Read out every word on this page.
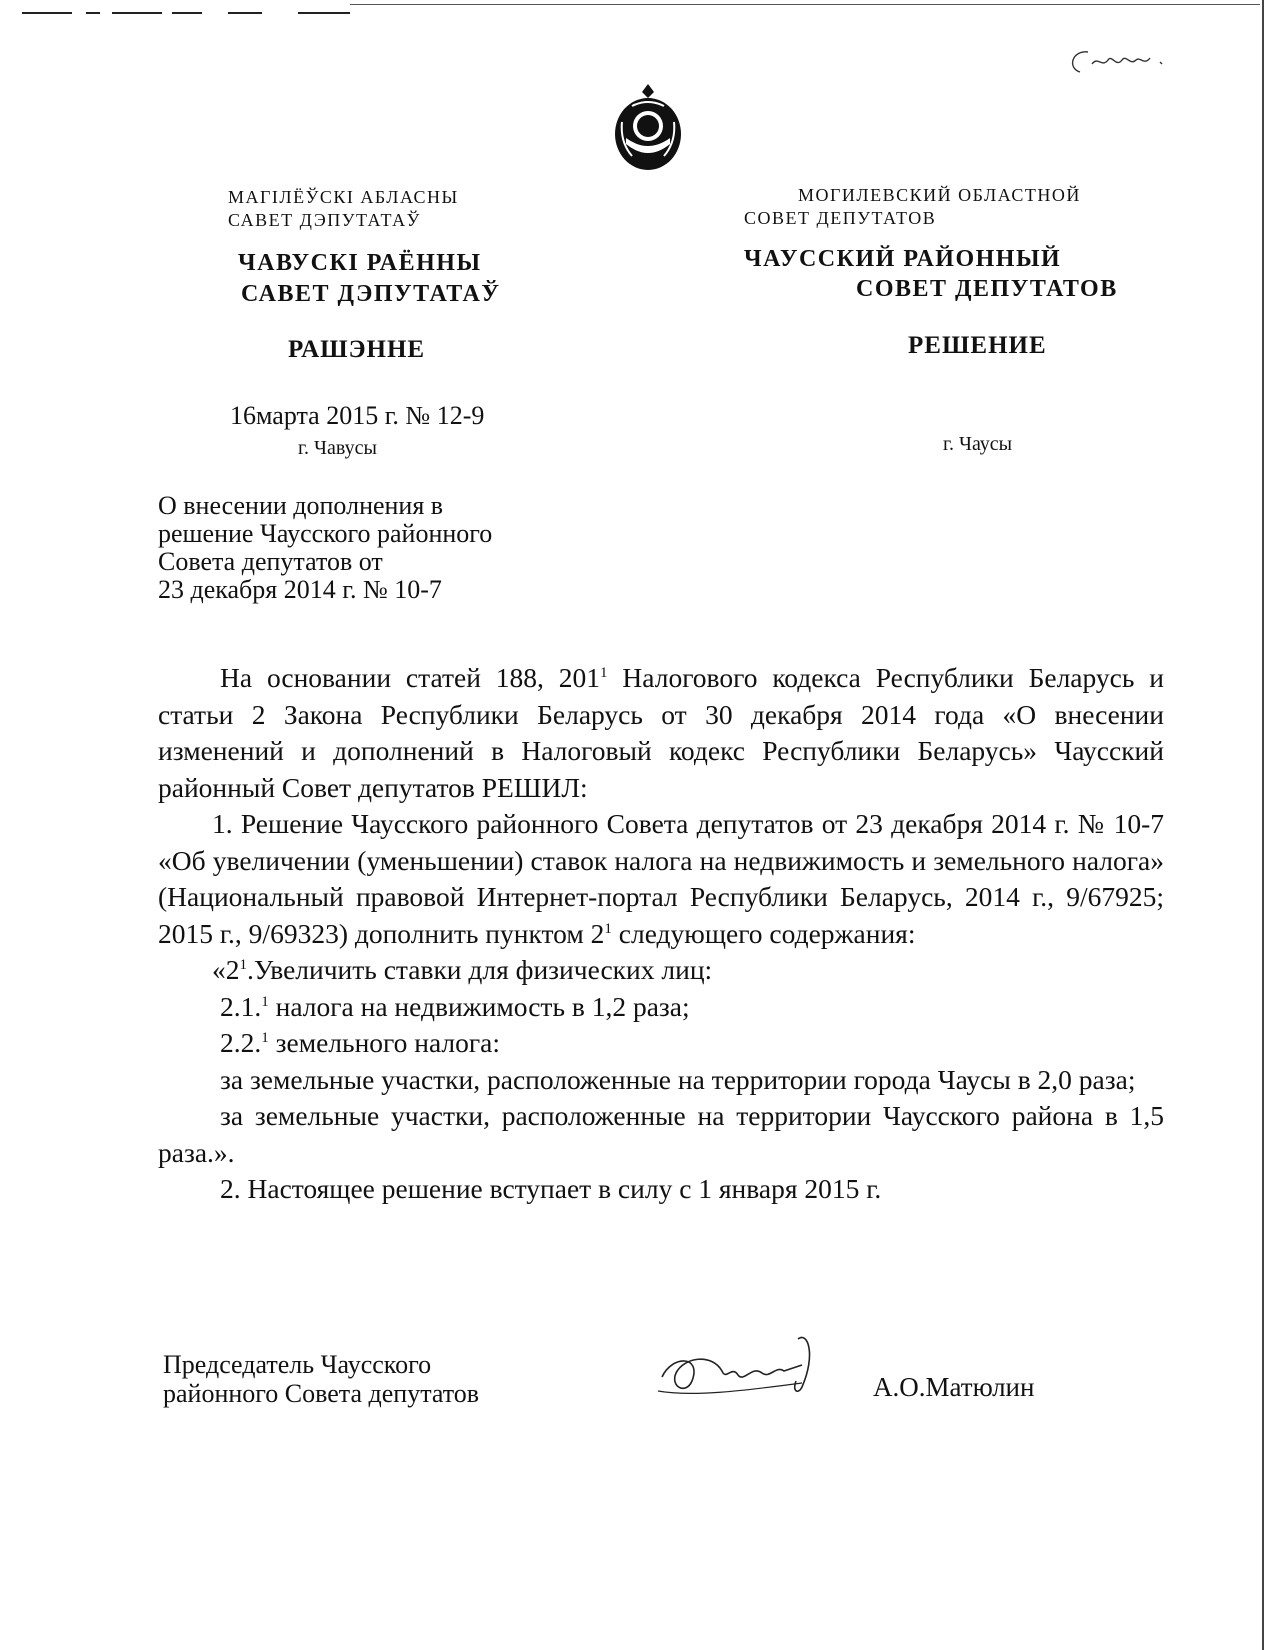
МАГІЛЁЎСКІ АБЛАСНЫ
САВЕТ ДЭПУТАТАЎ
ЧАВУСКІ РАЁННЫ
САВЕТ ДЭПУТАТАЎ
РАШЭННЕ
16марта 2015 г. № 12-9
г. Чавусы
МОГИЛЕВСКИЙ ОБЛАСТНОЙ
СОВЕТ ДЕПУТАТОВ
ЧАУССКИЙ РАЙОННЫЙ
СОВЕТ ДЕПУТАТОВ
РЕШЕНИЕ
г. Чаусы
О внесении дополнения в
решение Чаусского районного
Совета депутатов от
23 декабря 2014 г. № 10-7

На основании статей 188, $201^1$ Налогового кодекса Республики Беларусь и статьи 2 Закона Республики Беларусь от 30 декабря 2014 года «О внесении изменений и дополнений в Налоговый кодекс Республики Беларусь» Чаусский районный Совет депутатов РЕШИЛ:

1. Решение Чаусского районного Совета депутатов от 23 декабря 2014 г. № 10-7 «Об увеличении (уменьшении) ставок налога на недвижимость и земельного налога» (Национальный правовой Интернет-портал Республики Беларусь, 2014 г., 9/67925; 2015 г., 9/69323) дополнить пунктом $2^1$ следующего содержания:

«$2^1.Увеличить$ ставки для физических лиц:

2.1.$^1$ налога на недвижимость в 1,2 раза;

2.2.$^1$ земельного налога:

за земельные участки, расположенные на территории города Чаусы в 2,0 раза;

за земельные участки, расположенные на территории Чаусского района в 1,5 раза.».

2. Настоящее решение вступает в силу с 1 января 2015 г.

Председатель Чаусского
районного Совета депутатов	А.О.Матюлин
